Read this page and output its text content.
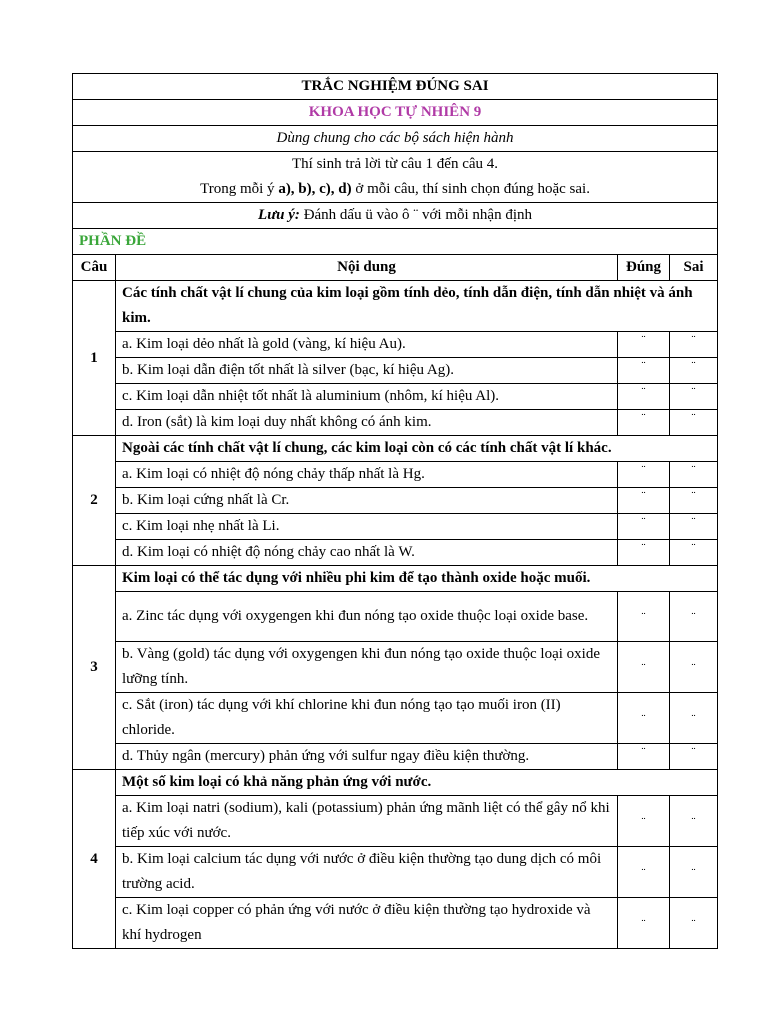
TRẮC NGHIỆM ĐÚNG SAI			
KHOA HỌC TỰ NHIÊN 9			
Dùng chung cho các bộ sách hiện hành			

Thí sinh trả lời từ câu 1 đến câu 4.
Trong mỗi ý a), b), c), d) ở mỗi câu, thí sinh chọn đúng hoặc sai.			

Lưu ý: Đánh dấu ü vào ô ¨ với mỗi nhận định			
PHẦN ĐỀ			
Câu	Nội dung	Đúng	Sai
1	Các tính chất vật lí chung của kim loại gồm tính dẻo, tính dẫn điện, tính dẫn nhiệt và ánh kim.		
	a. Kim loại dẻo nhất là gold (vàng, kí hiệu Au).	¨	¨
	b. Kim loại dẫn điện tốt nhất là silver (bạc, kí hiệu Ag).	¨	¨
	c. Kim loại dẫn nhiệt tốt nhất là aluminium (nhôm, kí hiệu Al).	¨	¨
	d. Iron (sắt) là kim loại duy nhất không có ánh kim.	¨	¨
2	Ngoài các tính chất vật lí chung, các kim loại còn có các tính chất vật lí khác.		
	a. Kim loại có nhiệt độ nóng chảy thấp nhất là Hg.	¨	¨
	b. Kim loại cứng nhất là Cr.	¨	¨
	c. Kim loại nhẹ nhất là Li.	¨	¨
	d. Kim loại có nhiệt độ nóng chảy cao nhất là W.	¨	¨
3	Kim loại có thể tác dụng với nhiều phi kim để tạo thành oxide hoặc muối.		
	a. Zinc tác dụng với oxygengen khi đun nóng tạo oxide thuộc loại oxide base.	¨	¨
	b. Vàng (gold) tác dụng với oxygengen khi đun nóng tạo oxide thuộc loại oxide lưỡng tính.	¨	¨
	c. Sắt (iron) tác dụng với khí chlorine khi đun nóng tạo tạo muối iron (II) chloride.	¨	¨
	d. Thủy ngân (mercury) phản ứng với sulfur ngay điều kiện thường.	¨	¨
4	Một số kim loại có khả năng phản ứng với nước.		
	a. Kim loại natri (sodium), kali (potassium) phản ứng mãnh liệt có thể gây nổ khi tiếp xúc với nước.	¨	¨
	b. Kim loại calcium tác dụng với nước ở điều kiện thường tạo dung dịch có môi trường acid.	¨	¨
	c. Kim loại copper có phản ứng với nước ở điều kiện thường tạo hydroxide và khí hydrogen	¨	¨
